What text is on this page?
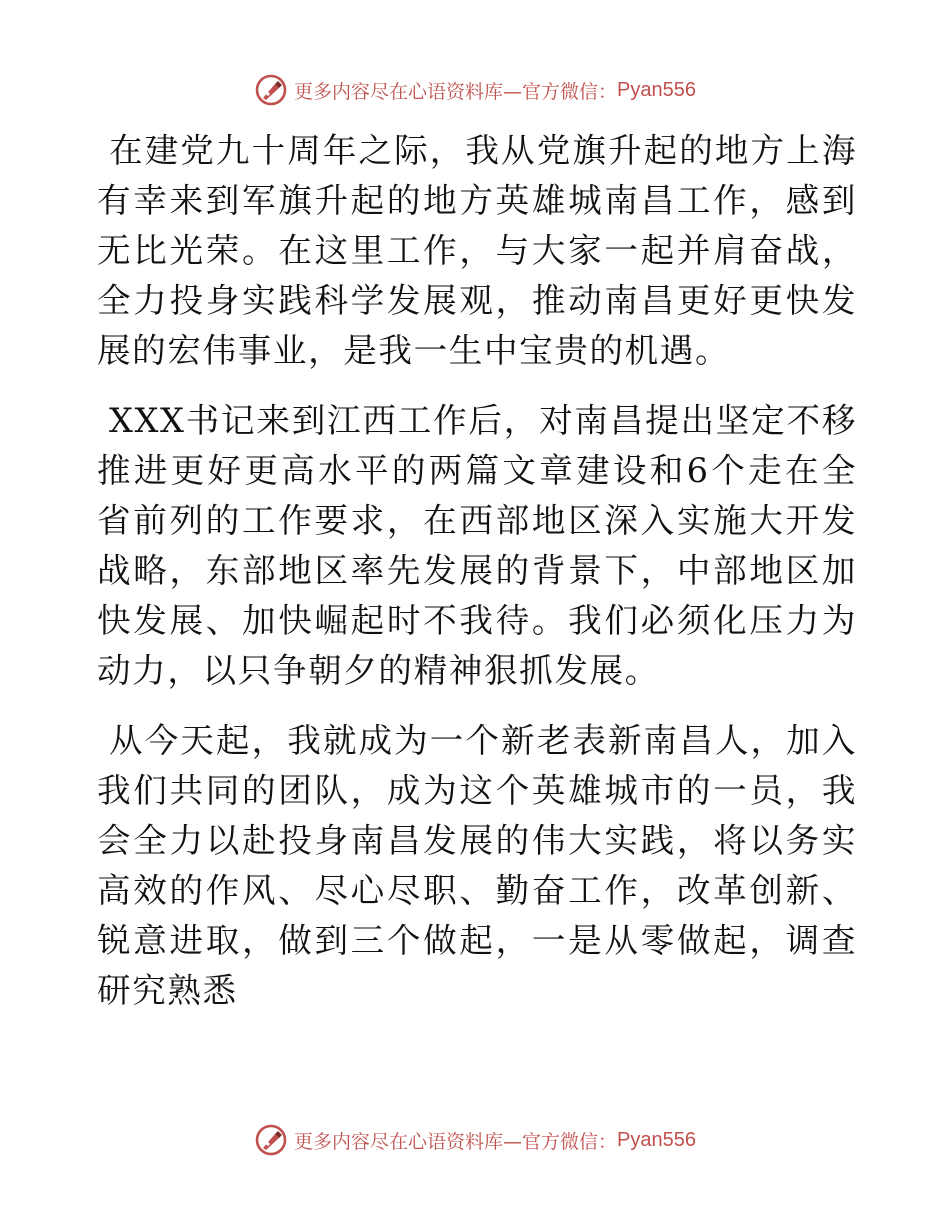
更多内容尽在心语资料库—官方微信： Pyan556

在建党九十周年之际，我从党旗升起的地方上海有幸来到军旗升起的地方英雄城南昌工作，感到无比光荣。在这里工作，与大家一起并肩奋战，全力投身实践科学发展观，推动南昌更好更快发展的宏伟事业，是我一生中宝贵的机遇。

XXX书记来到江西工作后，对南昌提出坚定不移推进更好更高水平的两篇文章建设和6个走在全省前列的工作要求，在西部地区深入实施大开发战略，东部地区率先发展的背景下，中部地区加快发展、加快崛起时不我待。我们必须化压力为动力，以只争朝夕的精神狠抓发展。

从今天起，我就成为一个新老表新南昌人，加入我们共同的团队，成为这个英雄城市的一员，我会全力以赴投身南昌发展的伟大实践，将以务实高效的作风、尽心尽职、勤奋工作，改革创新、锐意进取，做到三个做起，一是从零做起，调查研究熟悉

更多内容尽在心语资料库—官方微信： Pyan556
